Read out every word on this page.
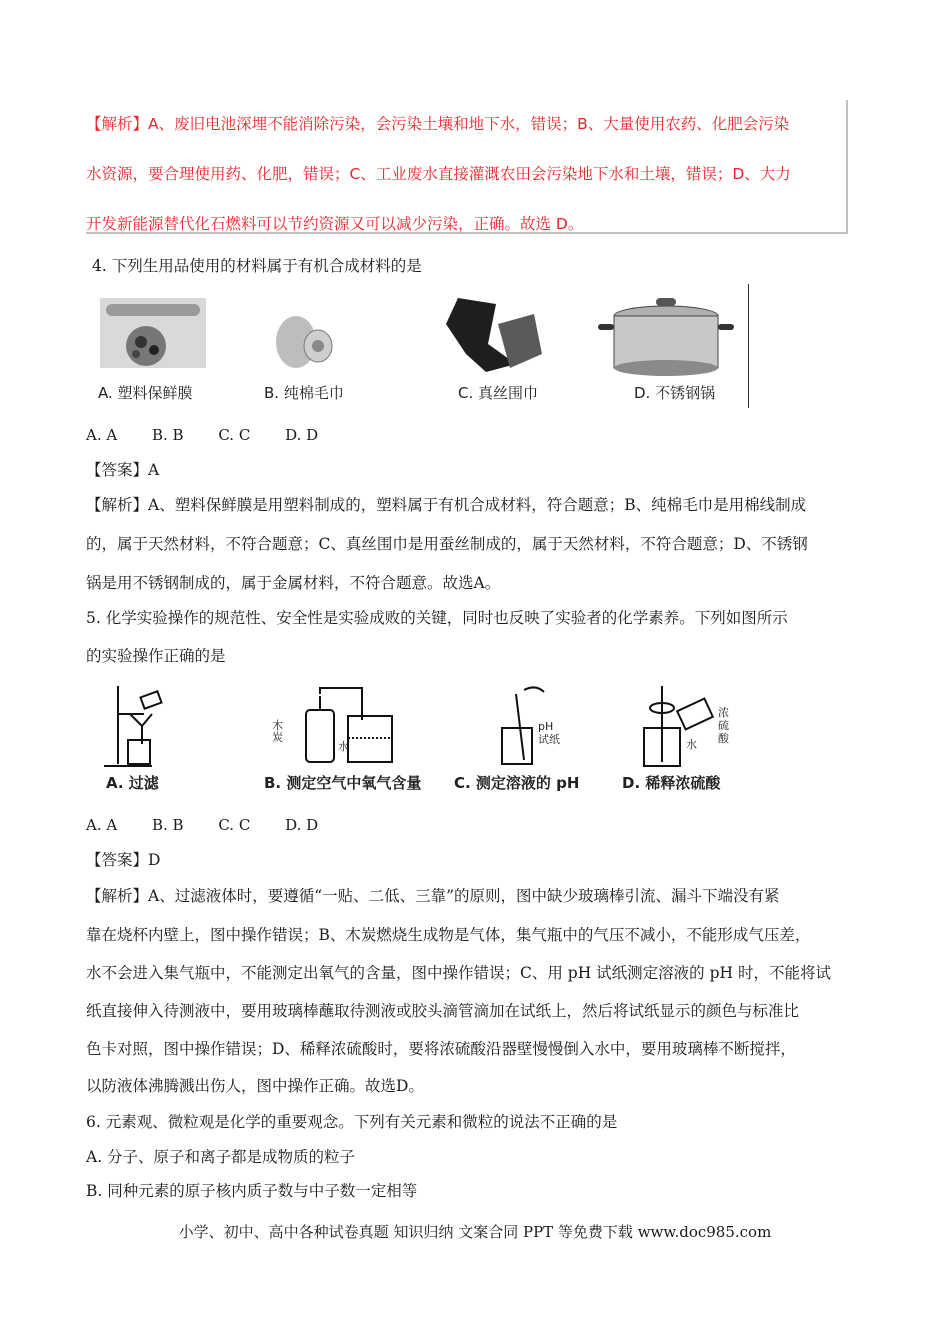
【解析】A、废旧电池深埋不能消除污染，会污染土壤和地下水，错误；B、大量使用农药、化肥会污染
水资源，要合理使用药、化肥，错误；C、工业废水直接灌溉农田会污染地下水和土壤，错误；D、大力
开发新能源替代化石燃料可以节约资源又可以减少污染，正确。故选 D。
4. 下列生用品使用的材料属于有机合成材料的是
A. 塑料保鲜膜	B. 纯棉毛巾	C. 真丝围巾	D. 不锈钢锅
A. A B. B C. C D. D
【答案】A
【解析】A、塑料保鲜膜是用塑料制成的，塑料属于有机合成材料，符合题意；B、纯棉毛巾是用棉线制成
的，属于天然材料，不符合题意；C、真丝围巾是用蚕丝制成的，属于天然材料，不符合题意；D、不锈钢
锅是用不锈钢制成的，属于金属材料，不符合题意。故选A。
5. 化学实验操作的规范性、安全性是实验成败的关键，同时也反映了实验者的化学素养。下列如图所示
的实验操作正确的是
木
炭
水
pH
试纸	水
浓
硫
酸
A. 过滤	B. 测定空气中氧气含量 C. 测定溶液的 pH	D. 稀释浓硫酸
A. A B. B C. C D. D
【答案】D
【解析】A、过滤液体时，要遵循“一贴、二低、三靠”的原则，图中缺少玻璃棒引流、漏斗下端没有紧
靠在烧杯内壁上，图中操作错误；B、木炭燃烧生成物是气体，集气瓶中的气压不减小，不能形成气压差，
水不会进入集气瓶中，不能测定出氧气的含量，图中操作错误；C、用 pH 试纸测定溶液的 pH 时，不能将试
纸直接伸入待测液中，要用玻璃棒蘸取待测液或胶头滴管滴加在试纸上，然后将试纸显示的颜色与标准比
色卡对照，图中操作错误；D、稀释浓硫酸时，要将浓硫酸沿器壁慢慢倒入水中，要用玻璃棒不断搅拌，
以防液体沸腾溅出伤人，图中操作正确。故选D。
6. 元素观、微粒观是化学的重要观念。下列有关元素和微粒的说法不正确的是
A. 分子、原子和离子都是成物质的粒子
B. 同种元素的原子核内质子数与中子数一定相等
小学、初中、高中各种试卷真题 知识归纳 文案合同 PPT 等免费下载 www.doc985.com
